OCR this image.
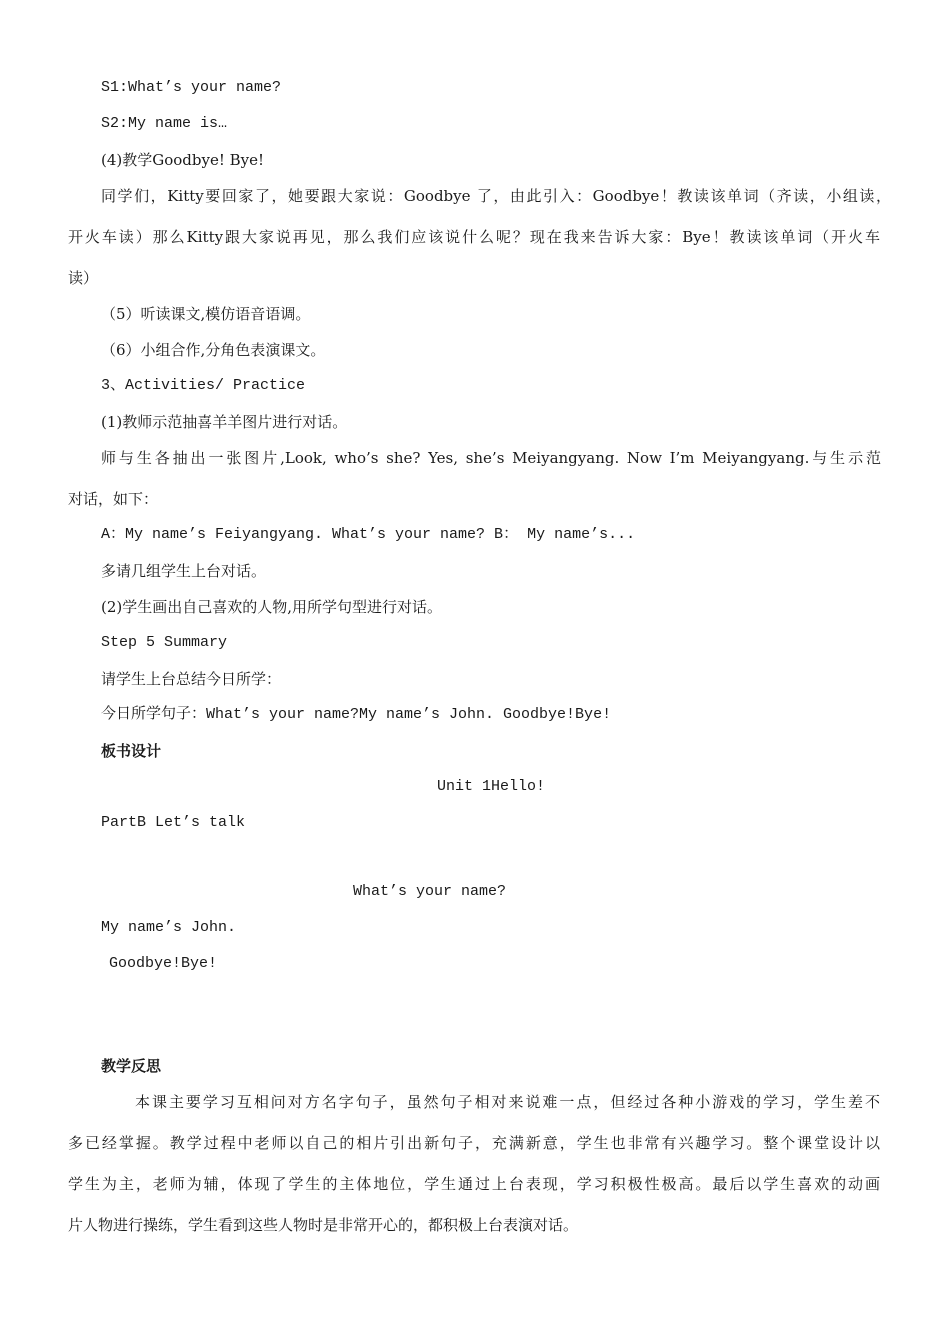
S1:What’s your name?

S2:My name is…

(4)教学Goodbye! Bye!

同学们，Kitty要回家了，她要跟大家说：Goodbye 了，由此引入：Goodbye！教读该单词（齐读，小组读，

开火车读）那么Kitty跟大家说再见，那么我们应该说什么呢？现在我来告诉大家：Bye！教读该单词（开火车

读）

（5）听读课文,模仿语音语调。

（6）小组合作,分角色表演课文。

3、Activities/ Practice

(1)教师示范抽喜羊羊图片进行对话。

师与生各抽出一张图片,Look, who’s she? Yes, she’s Meiyangyang. Now I’m Meiyangyang.与生示范

对话，如下：

A：My name’s Feiyangyang. What’s your name? B： My name’s...

多请几组学生上台对话。

(2)学生画出自己喜欢的人物,用所学句型进行对话。

Step 5 Summary

请学生上台总结今日所学：

今日所学句子：What’s your name?My name’s John. Goodbye!Bye!

板书设计

Unit 1Hello!

PartB Let’s talk

What’s your name?

My name’s John.

Goodbye!Bye!

教学反思

本课主要学习互相问对方名字句子，虽然句子相对来说难一点，但经过各种小游戏的学习，学生差不

多已经掌握。教学过程中老师以自己的相片引出新句子，充满新意，学生也非常有兴趣学习。整个课堂设计以

学生为主，老师为辅，体现了学生的主体地位，学生通过上台表现，学习积极性极高。最后以学生喜欢的动画

片人物进行操练，学生看到这些人物时是非常开心的，都积极上台表演对话。
